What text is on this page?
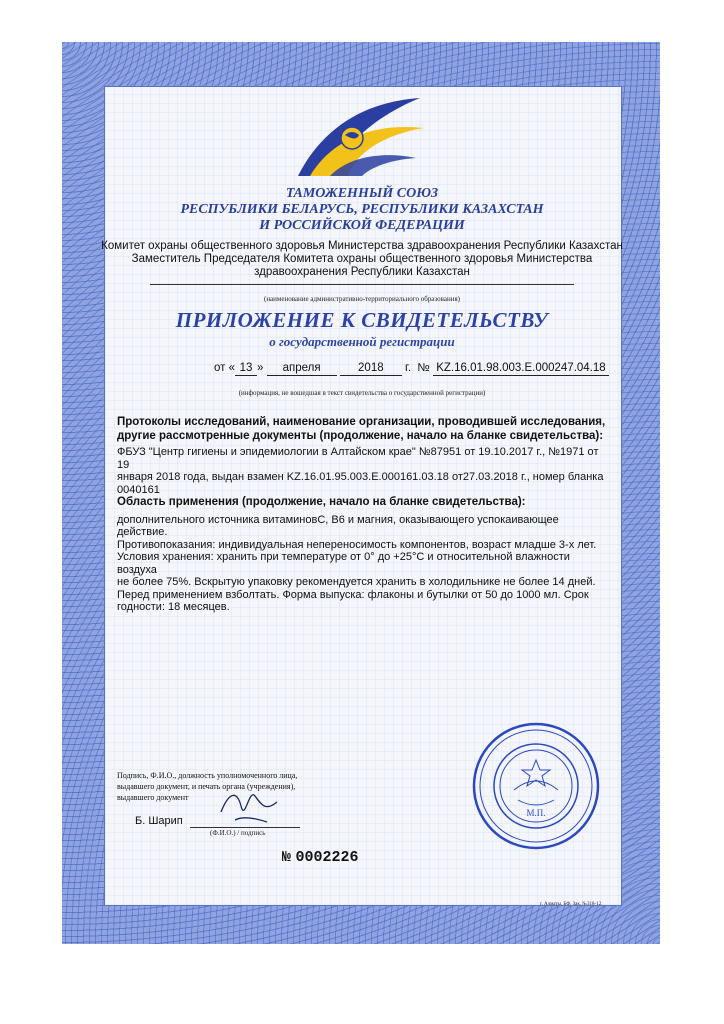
ТАМОЖЕННЫЙ СОЮЗ
РЕСПУБЛИКИ БЕЛАРУСЬ, РЕСПУБЛИКИ КАЗАХСТАН
И РОССИЙСКОЙ ФЕДЕРАЦИИ
Комитет охраны общественного здоровья Министерства здравоохранения Республики Казахстан
Заместитель Председателя Комитета охраны общественного здоровья Министерства
здравоохранения Республики Казахстан
(наименование административно-территориального образования)
ПРИЛОЖЕНИЕ К СВИДЕТЕЛЬСТВУ
о государственной регистрации
от « 13 » апреля	2018 г. № KZ.16.01.98.003.E.000247.04.18
(информация, не вошедшая в текст свидетельства о государственной регистрации)
Протоколы исследований, наименование организации, проводившей исследования,
другие рассмотренные документы (продолжение, начало на бланке свидетельства):
ФБУЗ "Центр гигиены и эпидемиологии в Алтайском крае" №87951 от 19.10.2017 г., №1971 от 19
января 2018 года, выдан взамен KZ.16.01.95.003.E.000161.03.18 от27.03.2018 г., номер бланка
0040161
Область применения (продолжение, начало на бланке свидетельства):
дополнительного источника витаминовС, В6 и магния, оказывающего успокаивающее действие.
Противопоказания: индивидуальная непереносимость компонентов, возраст младше 3-х лет.
Условия хранения: хранить при температуре от 0° до +25°С и относительной влажности воздуха
не более 75%. Вскрытую упаковку рекомендуется хранить в холодильнике не более 14 дней.
Перед применением взболтать. Форма выпуска: флаконы и бутылки от 50 до 1000 мл. Срок
годности: 18 месяцев.
Подпись, Ф.И.О., должность уполномоченного лица,
выдавшего документ, и печать органа (учреждения),
выдавшего документ
Б. Шарип
(Ф.И.О.) / подпись
М.П.
№ 0002226
г. Алматы, БФ. Зак. №318-12.
